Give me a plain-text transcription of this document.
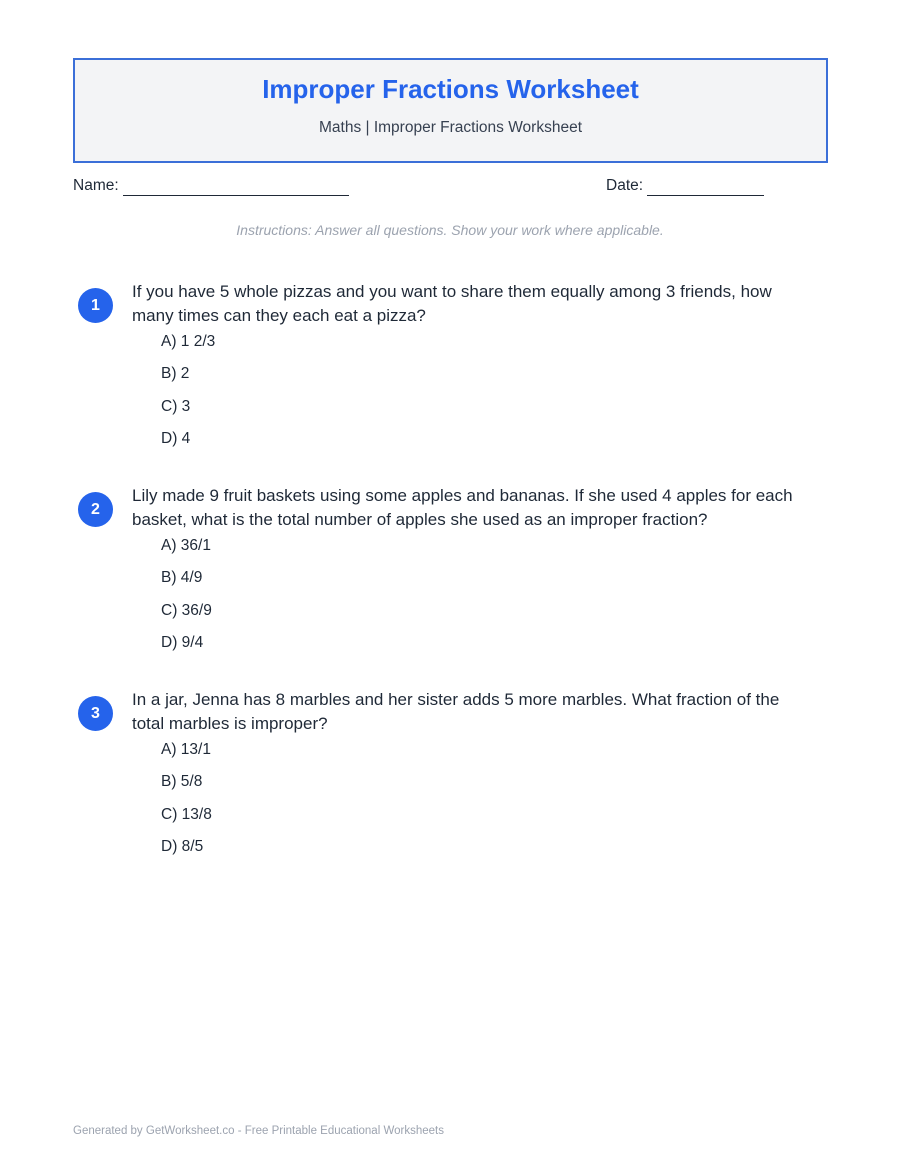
Improper Fractions Worksheet
Maths | Improper Fractions Worksheet
Name:	Date:
Instructions: Answer all questions. Show your work where applicable.
1
If you have 5 whole pizzas and you want to share them equally among 3 friends, how many times can they each eat a pizza?
A) 1 2/3
B) 2
C) 3
D) 4
2
Lily made 9 fruit baskets using some apples and bananas. If she used 4 apples for each basket, what is the total number of apples she used as an improper fraction?
A) 36/1
B) 4/9
C) 36/9
D) 9/4
3
In a jar, Jenna has 8 marbles and her sister adds 5 more marbles. What fraction of the total marbles is improper?
A) 13/1
B) 5/8
C) 13/8
D) 8/5
Generated by GetWorksheet.co - Free Printable Educational Worksheets
